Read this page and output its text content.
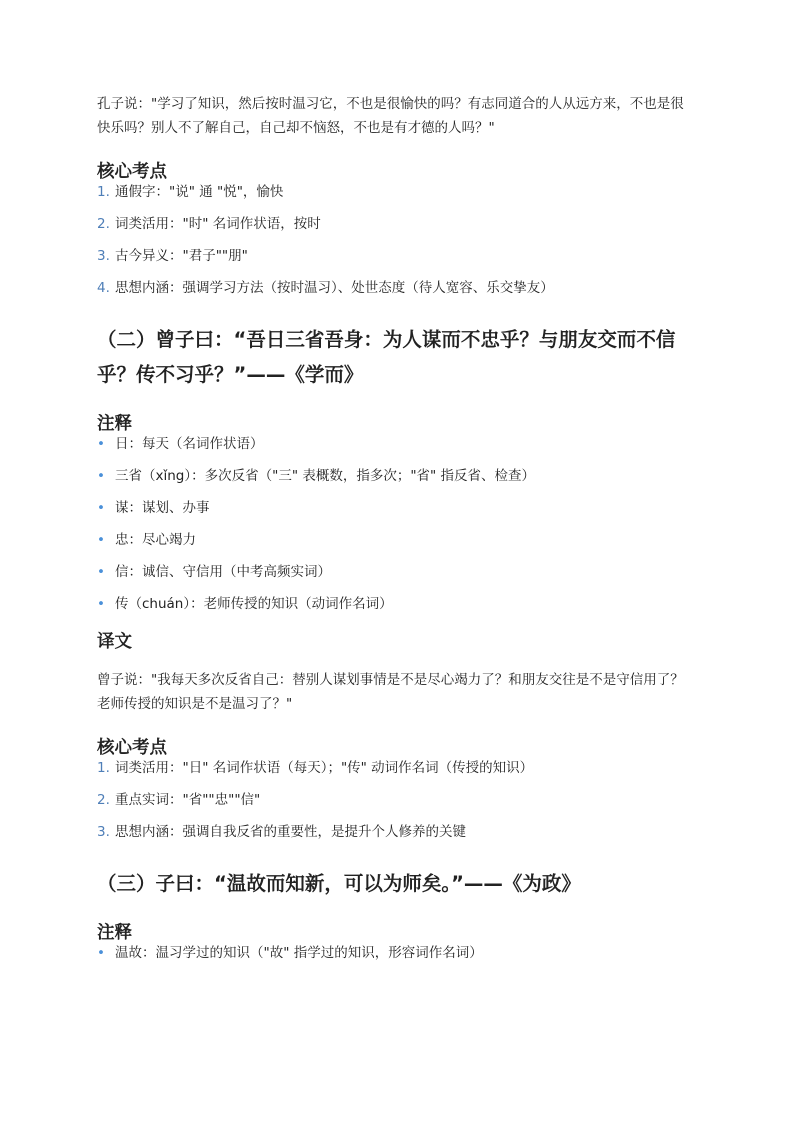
孔子说："学习了知识，然后按时温习它，不也是很愉快的吗？有志同道合的人从远方来，不也是很快乐吗？别人不了解自己，自己却不恼怒，不也是有才德的人吗？"

核心考点
1. 通假字："说" 通 "悦"，愉快
2. 词类活用："时" 名词作状语，按时
3. 古今异义："君子""朋"
4. 思想内涵：强调学习方法（按时温习）、处世态度（待人宽容、乐交挚友）
（二）曾子曰：“吾日三省吾身：为人谋而不忠乎？与朋友交而不信乎？传不习乎？”——《学而》
注释
• 日：每天（名词作状语）
• 三省（xǐng）：多次反省（"三" 表概数，指多次；"省" 指反省、检查）
• 谋：谋划、办事
• 忠：尽心竭力
• 信：诚信、守信用（中考高频实词）
• 传（chuán）：老师传授的知识（动词作名词）
译文

曾子说："我每天多次反省自己：替别人谋划事情是不是尽心竭力了？和朋友交往是不是守信用了？老师传授的知识是不是温习了？"

核心考点
1. 词类活用："日" 名词作状语（每天）；"传" 动词作名词（传授的知识）
2. 重点实词："省""忠""信"
3. 思想内涵：强调自我反省的重要性，是提升个人修养的关键
（三）子曰：“温故而知新，可以为师矣。”——《为政》
注释
• 温故：温习学过的知识（"故" 指学过的知识，形容词作名词）
